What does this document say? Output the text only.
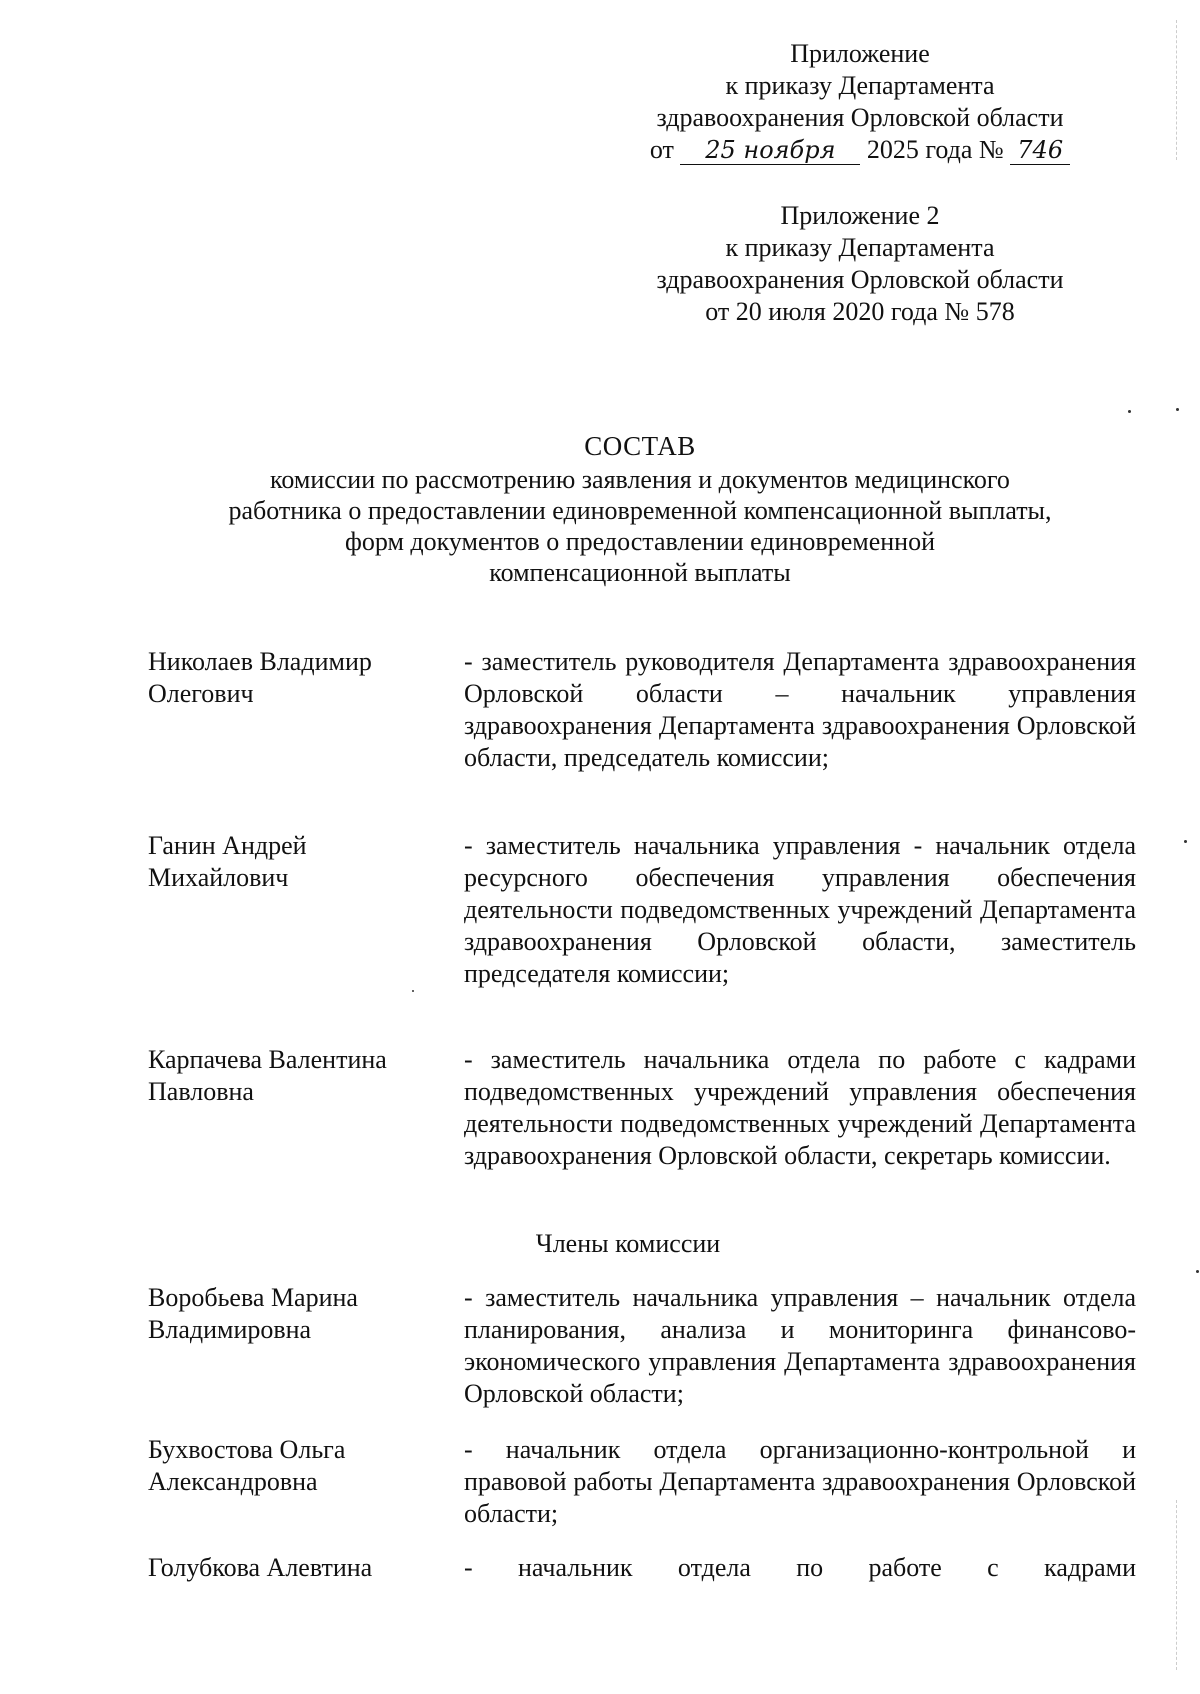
Приложение
к приказу Департамента
здравоохранения Орловской области
от 25 ноября 2025 года № 746
Приложение 2
к приказу Департамента
здравоохранения Орловской области
от 20 июля 2020 года № 578
СОСТАВ
комиссии по рассмотрению заявления и документов медицинского
работника о предоставлении единовременной компенсационной выплаты,
форм документов о предоставлении единовременной
компенсационной выплаты
Николаев Владимир Олегович
- заместитель руководителя Департамента здравоохранения Орловской области – начальник управления здравоохранения Департамента здравоохранения Орловской области, председатель комиссии;
Ганин Андрей Михайлович
- заместитель начальника управления - начальник отдела ресурсного обеспечения управления обеспечения деятельности подведомственных учреждений Департамента здравоохранения Орловской области, заместитель председателя комиссии;
Карпачева Валентина Павловна
- заместитель начальника отдела по работе с кадрами подведомственных учреждений управления обеспечения деятельности подведомственных учреждений Департамента здравоохранения Орловской области, секретарь комиссии.
Члены комиссии
Воробьева Марина Владимировна
- заместитель начальника управления – начальник отдела планирования, анализа и мониторинга финансово-экономического управления Департамента здравоохранения Орловской области;
Бухвостова Ольга Александровна
- начальник отдела организационно-контрольной и правовой работы Департамента здравоохранения Орловской области;
Голубкова Алевтина	- начальник отдела по работе с кадрами
